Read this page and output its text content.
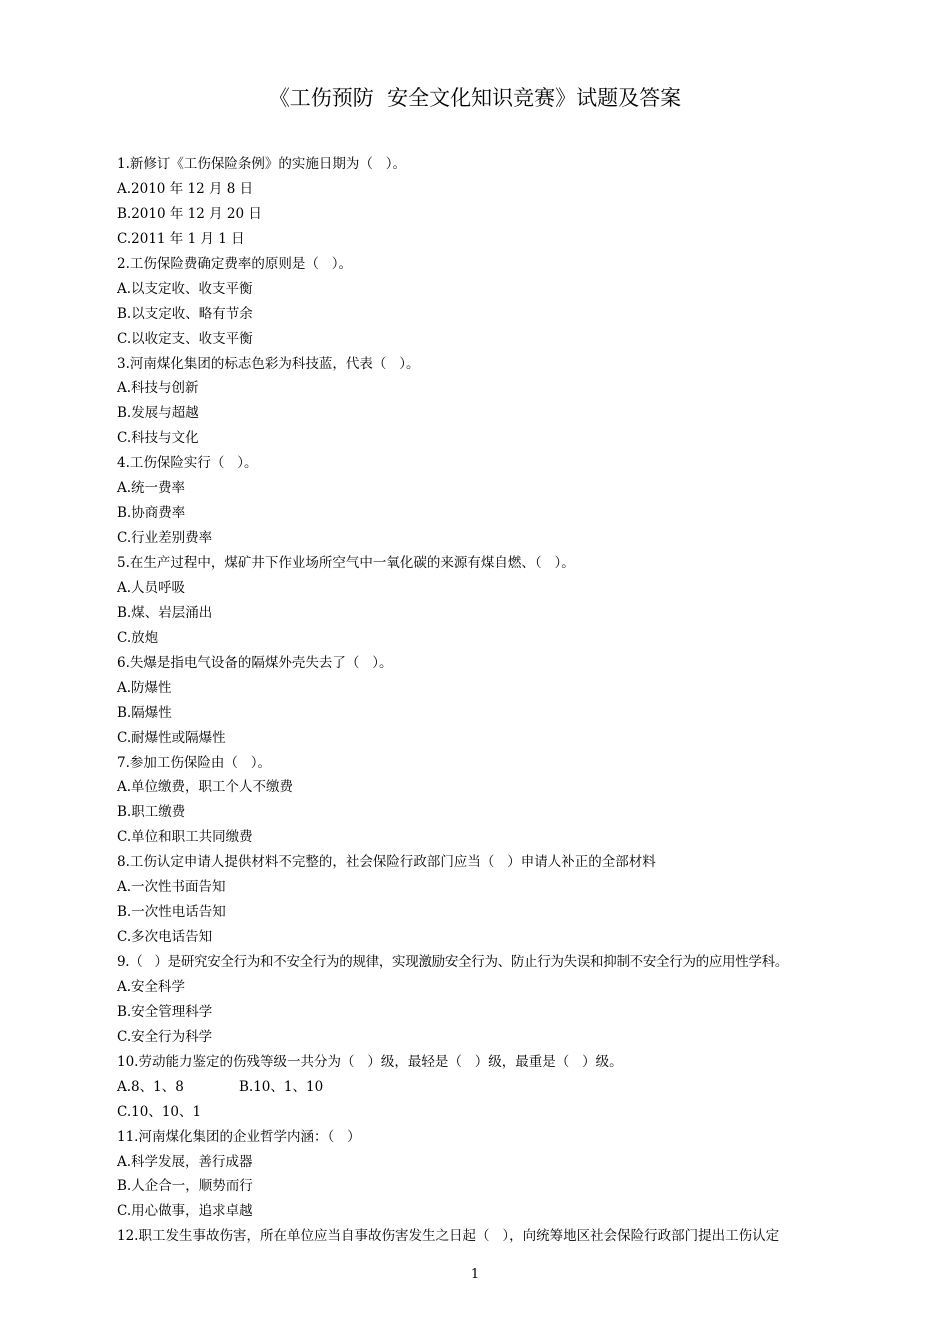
《工伤预防  安全文化知识竞赛》试题及答案
1.新修订《工伤保险条例》的实施日期为（   ）。
A.2010 年 12 月 8 日
B.2010 年 12 月 20 日
C.2011 年 1 月 1 日
2.工伤保险费确定费率的原则是（   ）。
A.以支定收、收支平衡
B.以支定收、略有节余
C.以收定支、收支平衡
3.河南煤化集团的标志色彩为科技蓝，代表（   ）。
A.科技与创新
B.发展与超越
C.科技与文化
4.工伤保险实行（   ）。
A.统一费率
B.协商费率
C.行业差别费率
5.在生产过程中，煤矿井下作业场所空气中一氧化碳的来源有煤自燃、（   ）。
A.人员呼吸
B.煤、岩层涌出
C.放炮
6.失爆是指电气设备的隔煤外壳失去了（   ）。
A.防爆性
B.隔爆性
C.耐爆性或隔爆性
7.参加工伤保险由（   ）。
A.单位缴费，职工个人不缴费
B.职工缴费
C.单位和职工共同缴费
8.工伤认定申请人提供材料不完整的，社会保险行政部门应当（   ）申请人补正的全部材料
A.一次性书面告知
B.一次性电话告知
C.多次电话告知
9.（   ）是研究安全行为和不安全行为的规律，实现激励安全行为、防止行为失误和抑制不安全行为的应用性学科。
A.安全科学
B.安全管理科学
C.安全行为科学
10.劳动能力鉴定的伤残等级一共分为（   ）级，最轻是（   ）级，最重是（   ）级。
A.8、1、8	B.10、1、10
C.10、10、1
11.河南煤化集团的企业哲学内涵：（   ）
A.科学发展，善行成器
B.人企合一，顺势而行
C.用心做事，追求卓越
12.职工发生事故伤害，所在单位应当自事故伤害发生之日起（   ），向统筹地区社会保险行政部门提出工伤认定
1
